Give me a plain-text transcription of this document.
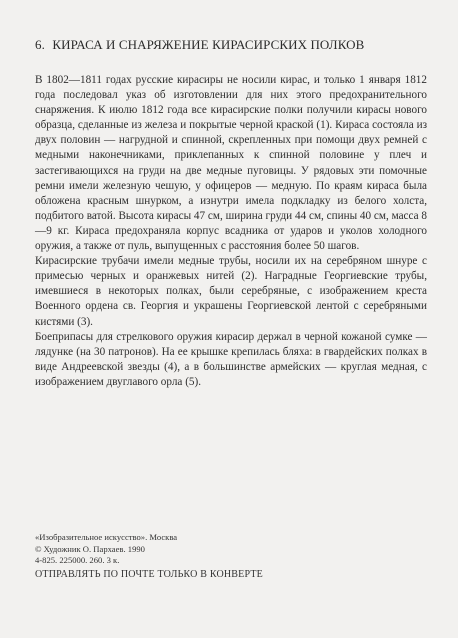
6. КИРАСА И СНАРЯЖЕНИЕ КИРАСИРСКИХ ПОЛКОВ

В 1802—1811 годах русские кирасиры не носили кирас, и только 1 января 1812 года последовал указ об изготовлении для них этого предохранительного снаряжения. К июлю 1812 года все кирасирские полки получили кирасы нового образца, сделанные из железа и покрытые черной краской (1). Кираса состояла из двух половин — нагрудной и спинной, скрепленных при помощи двух ремней с медными наконечниками, приклепанных к спинной половине у плеч и застегивающихся на груди на две медные пуговицы. У рядовых эти помочные ремни имели железную чешую, у офицеров — медную. По краям кираса была обложена красным шнурком, а изнутри имела подкладку из белого холста, подбитого ватой. Высота кирасы 47 см, ширина груди 44 см, спины 40 см, масса 8—9 кг. Кираса предохраняла корпус всадника от ударов и уколов холодного оружия, а также от пуль, выпущенных с расстояния более 50 шагов.

Кирасирские трубачи имели медные трубы, носили их на серебряном шнуре с примесью черных и оранжевых нитей (2). Наградные Георгиевские трубы, имевшиеся в некоторых полках, были серебряные, с изображением креста Военного ордена св. Георгия и украшены Георгиевской лентой с серебряными кистями (3).

Боеприпасы для стрелкового оружия кирасир держал в черной кожаной сумке — лядунке (на 30 патронов). На ее крышке крепилась бляха: в гвардейских полках в виде Андреевской звезды (4), а в большинстве армейских — круглая медная, с изображением двуглавого орла (5).

«Изобразительное искусство». Москва
© Художник О. Пархаев. 1990
4-825. 225000. 260. 3 к.
ОТПРАВЛЯТЬ ПО ПОЧТЕ ТОЛЬКО В КОНВЕРТЕ
